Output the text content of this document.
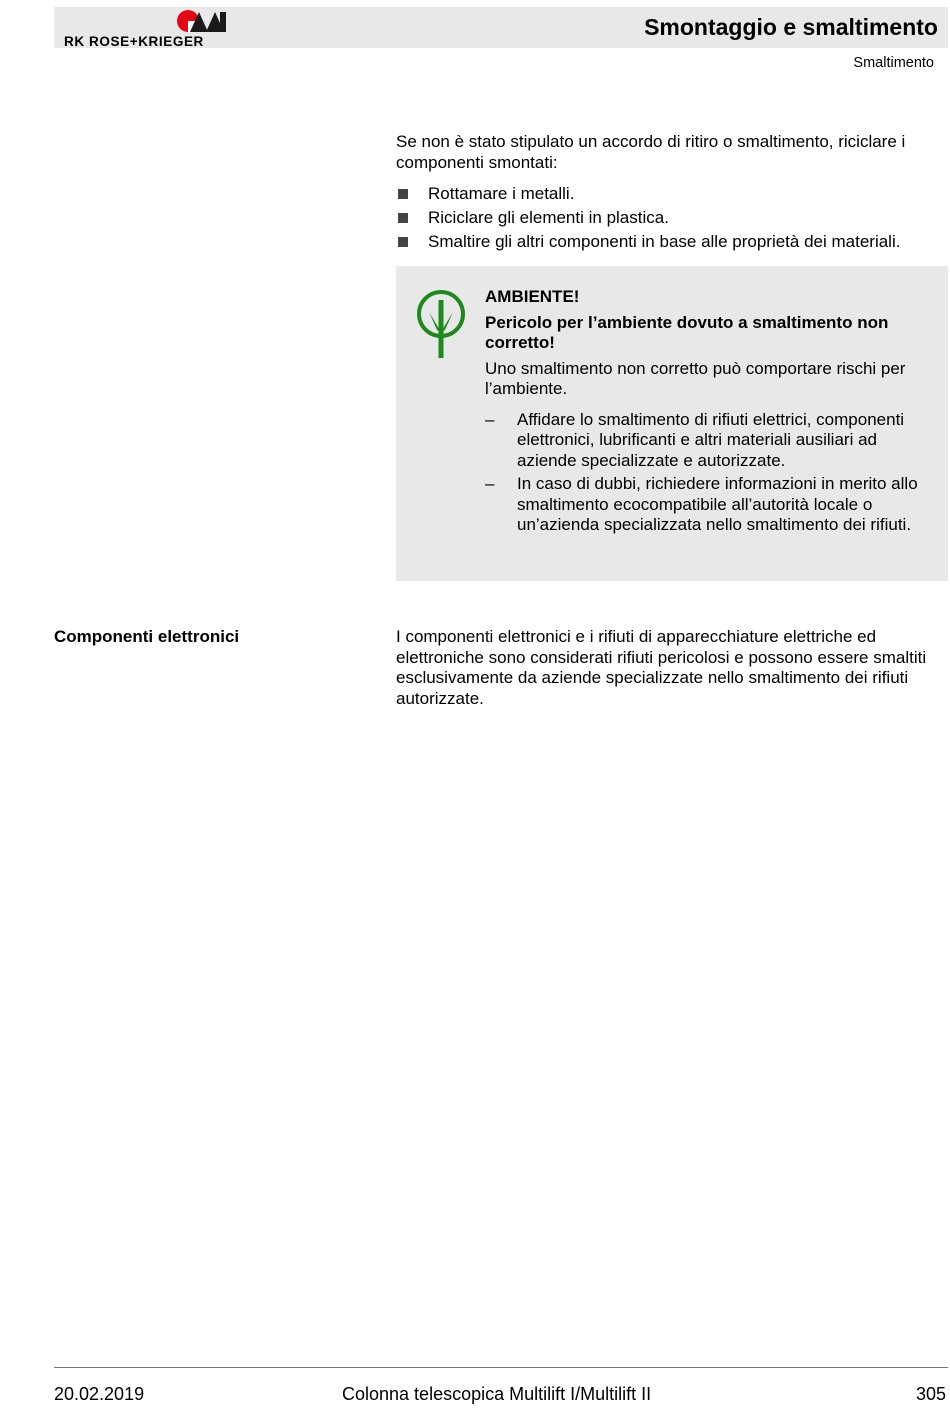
RK ROSE+KRIEGER
Smontaggio e smaltimento
Smaltimento

Se non è stato stipulato un accordo di ritiro o smaltimento, riciclare i componenti smontati:

Rottamare i metalli.
Riciclare gli elementi in plastica.
Smaltire gli altri componenti in base alle proprietà dei materiali.

AMBIENTE!

Pericolo per l’ambiente dovuto a smaltimento non corretto!

Uno smaltimento non corretto può comportare rischi per l’ambiente.

– Affidare lo smaltimento di rifiuti elettrici, componenti elettronici, lubrificanti e altri materiali ausiliari ad aziende specializzate e autorizzate.
– In caso di dubbi, richiedere informazioni in merito allo smaltimento ecocompatibile all’autorità locale o un’azienda specializzata nello smaltimento dei rifiuti.
Componenti elettronici	I componenti elettronici e i rifiuti di apparecchiature elettriche ed elettroniche sono considerati rifiuti pericolosi e possono essere smaltiti esclusivamente da aziende specializzate nello smaltimento dei rifiuti autorizzate.

20.02.2019	Colonna telescopica Multilift I/Multilift II	305
